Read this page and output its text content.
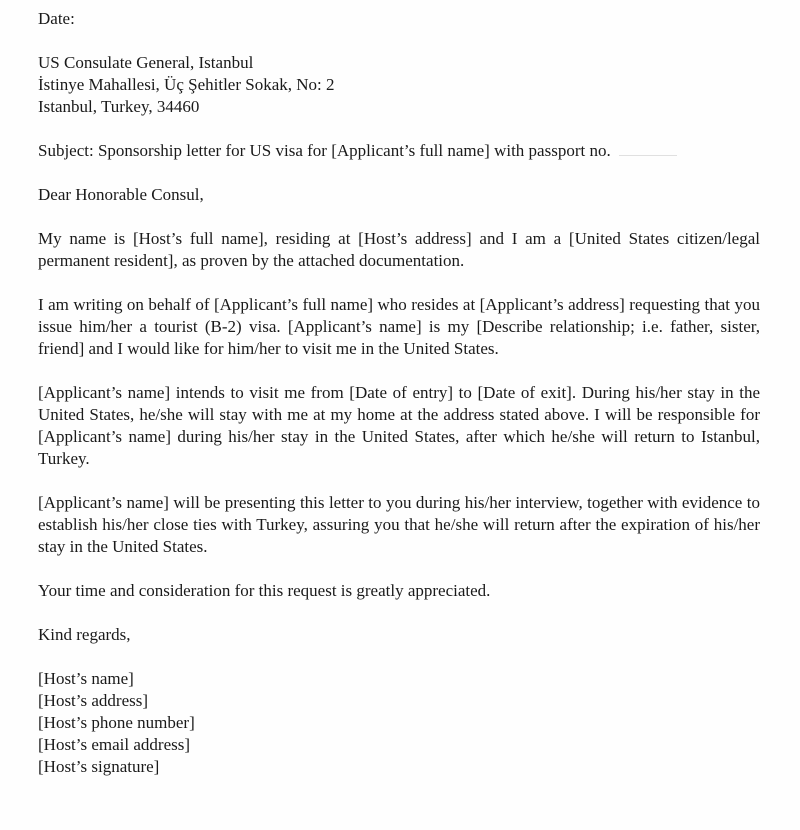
Date:
US Consulate General, Istanbul
İstinye Mahallesi, Üç Şehitler Sokak, No: 2
Istanbul, Turkey, 34460
Subject: Sponsorship letter for US visa for [Applicant’s full name] with passport no.
Dear Honorable Consul,
My name is [Host’s full name], residing at [Host’s address] and I am a [United States citizen/legal permanent resident], as proven by the attached documentation.
I am writing on behalf of [Applicant’s full name] who resides at [Applicant’s address] requesting that you issue him/her a tourist (B-2) visa. [Applicant’s name] is my [Describe relationship; i.e. father, sister, friend] and I would like for him/her to visit me in the United States.
[Applicant’s name] intends to visit me from [Date of entry] to [Date of exit]. During his/her stay in the United States, he/she will stay with me at my home at the address stated above. I will be responsible for [Applicant’s name] during his/her stay in the United States, after which he/she will return to Istanbul, Turkey.
[Applicant’s name] will be presenting this letter to you during his/her interview, together with evidence to establish his/her close ties with Turkey, assuring you that he/she will return after the expiration of his/her stay in the United States.
Your time and consideration for this request is greatly appreciated.
Kind regards,
[Host’s name]
[Host’s address]
[Host’s phone number]
[Host’s email address]
[Host’s signature]
